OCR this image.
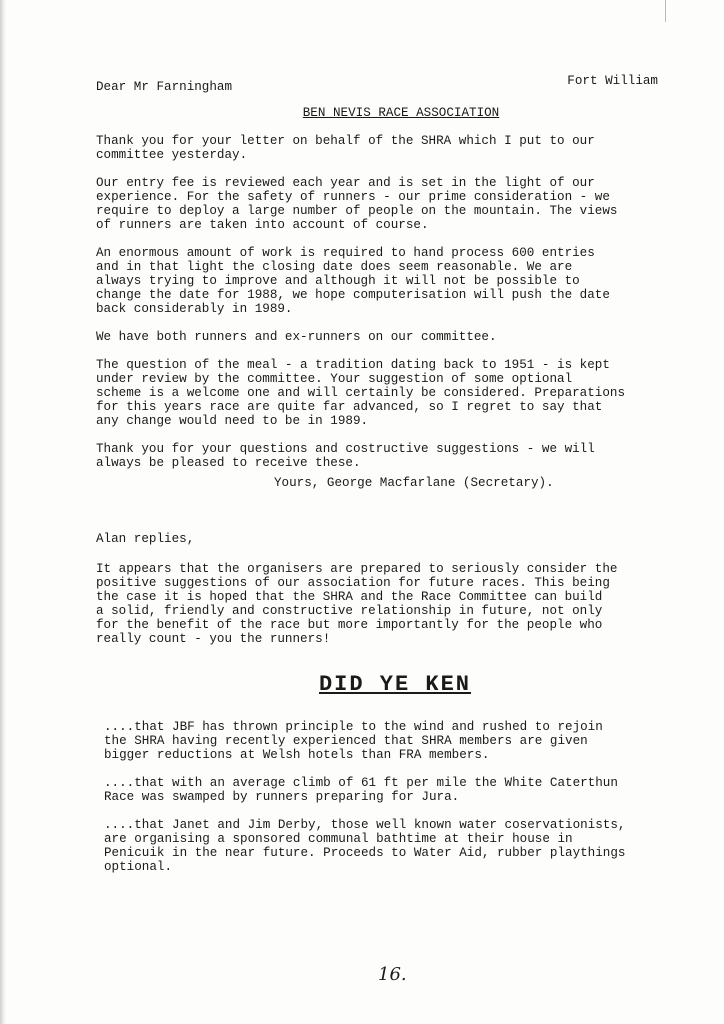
Dear Mr Farningham	Fort William
BEN NEVIS RACE ASSOCIATION

Thank you for your letter on behalf of the SHRA which I put to our
committee yesterday.

Our entry fee is reviewed each year and is set in the light of our
experience. For the safety of runners - our prime consideration - we
require to deploy a large number of people on the mountain. The views
of runners are taken into account of course.

An enormous amount of work is required to hand process 600 entries
and in that light the closing date does seem reasonable. We are
always trying to improve and although it will not be possible to
change the date for 1988, we hope computerisation will push the date
back considerably in 1989.

We have both runners and ex-runners on our committee.

The question of the meal - a tradition dating back to 1951 - is kept
under review by the committee. Your suggestion of some optional
scheme is a welcome one and will certainly be considered. Preparations
for this years race are quite far advanced, so I regret to say that
any change would need to be in 1989.

Thank you for your questions and costructive suggestions - we will
always be pleased to receive these.

Yours, George Macfarlane (Secretary).

Alan replies,

It appears that the organisers are prepared to seriously consider the
positive suggestions of our association for future races. This being
the case it is hoped that the SHRA and the Race Committee can build
a solid, friendly and constructive relationship in future, not only
for the benefit of the race but more importantly for the people who
really count - you the runners!

DID YE KEN

....that JBF has thrown principle to the wind and rushed to rejoin
the SHRA having recently experienced that SHRA members are given
bigger reductions at Welsh hotels than FRA members.

....that with an average climb of 61 ft per mile the White Caterthun
Race was swamped by runners preparing for Jura.

....that Janet and Jim Derby, those well known water coservationists,
are organising a sponsored communal bathtime at their house in
Penicuik in the near future. Proceeds to Water Aid, rubber playthings
optional.

16.
